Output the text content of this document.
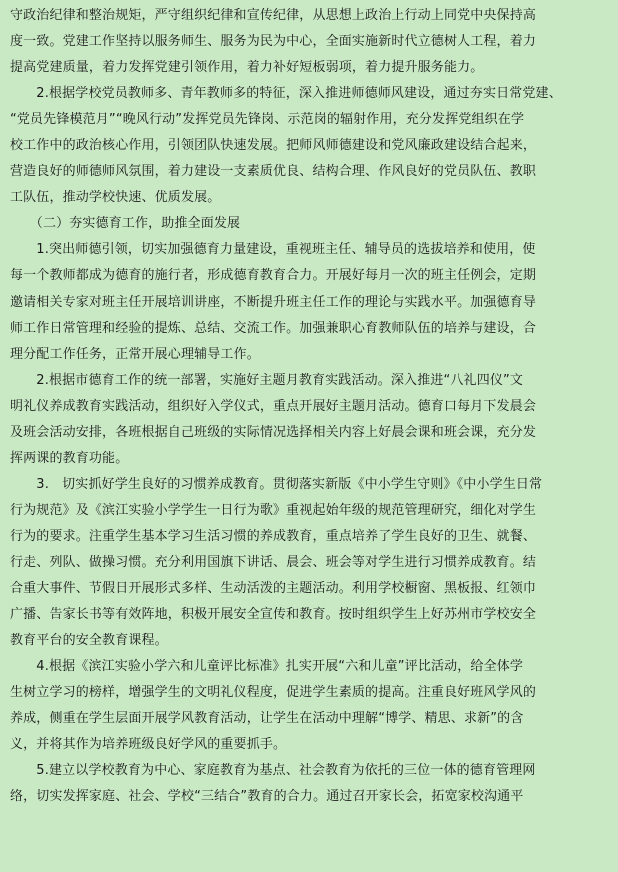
守政治纪律和整治规矩，严守组织纪律和宣传纪律，从思想上政治上行动上同党中央保持高
度一致。党建工作坚持以服务师生、服务为民为中心，全面实施新时代立德树人工程，着力
提高党建质量，着力发挥党建引领作用，着力补好短板弱项，着力提升服务能力。
　　2.根据学校党员教师多、青年教师多的特征，深入推进师德师风建设，通过夯实日常党建、
“党员先锋模范月”“晚风行动”发挥党员先锋岗、示范岗的辐射作用，充分发挥党组织在学
校工作中的政治核心作用，引领团队快速发展。把师风师德建设和党风廉政建设结合起来，
营造良好的师德师风氛围，着力建设一支素质优良、结构合理、作风良好的党员队伍、教职
工队伍，推动学校快速、优质发展。
　　（二）夯实德育工作，助推全面发展
　　1.突出师德引领，切实加强德育力量建设，重视班主任、辅导员的选拔培养和使用，使
每一个教师都成为德育的施行者，形成德育教育合力。开展好每月一次的班主任例会，定期
邀请相关专家对班主任开展培训讲座，不断提升班主任工作的理论与实践水平。加强德育导
师工作日常管理和经验的提炼、总结、交流工作。加强兼职心育教师队伍的培养与建设，合
理分配工作任务，正常开展心理辅导工作。
　　2.根据市德育工作的统一部署，实施好主题月教育实践活动。深入推进“八礼四仪”文
明礼仪养成教育实践活动，组织好入学仪式，重点开展好主题月活动。德育口每月下发晨会
及班会活动安排，各班根据自己班级的实际情况选择相关内容上好晨会课和班会课，充分发
挥两课的教育功能。
　　3.　切实抓好学生良好的习惯养成教育。贯彻落实新版《中小学生守则》《中小学生日常
行为规范》及《滨江实验小学学生一日行为歌》重视起始年级的规范管理研究，细化对学生
行为的要求。注重学生基本学习生活习惯的养成教育，重点培养了学生良好的卫生、就餐、
行走、列队、做操习惯。充分利用国旗下讲话、晨会、班会等对学生进行习惯养成教育。结
合重大事件、节假日开展形式多样、生动活泼的主题活动。利用学校橱窗、黑板报、红领巾
广播、告家长书等有效阵地，积极开展安全宣传和教育。按时组织学生上好苏州市学校安全
教育平台的安全教育课程。
　　4.根据《滨江实验小学六和儿童评比标准》扎实开展“六和儿童”评比活动，给全体学
生树立学习的榜样，增强学生的文明礼仪程度，促进学生素质的提高。注重良好班风学风的
养成，侧重在学生层面开展学风教育活动，让学生在活动中理解“博学、精思、求新”的含
义，并将其作为培养班级良好学风的重要抓手。
　　5.建立以学校教育为中心、家庭教育为基点、社会教育为依托的三位一体的德育管理网
络，切实发挥家庭、社会、学校“三结合”教育的合力。通过召开家长会，拓宽家校沟通平
